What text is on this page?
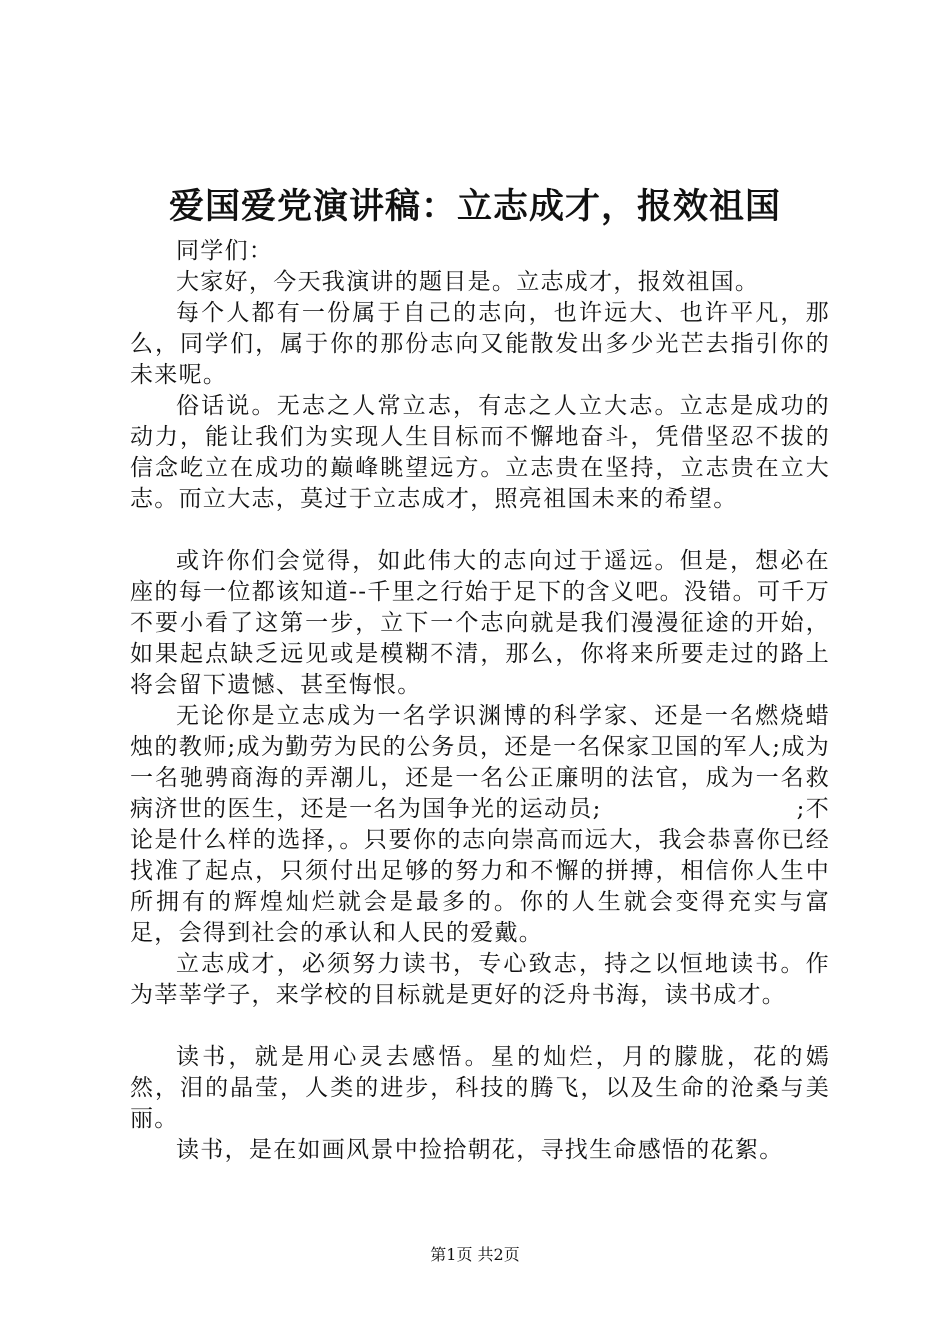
爱国爱党演讲稿：立志成才，报效祖国

同学们：

大家好，今天我演讲的题目是。立志成才，报效祖国。

每个人都有一份属于自己的志向，也许远大、也许平凡，那么，同学们，属于你的那份志向又能散发出多少光芒去指引你的未来呢。

俗话说。无志之人常立志，有志之人立大志。立志是成功的动力，能让我们为实现人生目标而不懈地奋斗，凭借坚忍不拔的信念屹立在成功的巅峰眺望远方。立志贵在坚持，立志贵在立大志。而立大志，莫过于立志成才，照亮祖国未来的希望。

或许你们会觉得，如此伟大的志向过于遥远。但是，想必在座的每一位都该知道--千里之行始于足下的含义吧。没错。可千万不要小看了这第一步，立下一个志向就是我们漫漫征途的开始，如果起点缺乏远见或是模糊不清，那么，你将来所要走过的路上将会留下遗憾、甚至悔恨。

无论你是立志成为一名学识渊博的科学家、还是一名燃烧蜡烛的教师;成为勤劳为民的公务员，还是一名保家卫国的军人;成为一名驰骋商海的弄潮儿，还是一名公正廉明的法官，成为一名救病济世的医生，还是一名为国争光的运动员;　　　　　　　　;不论是什么样的选择，。只要你的志向崇高而远大，我会恭喜你已经找准了起点，只须付出足够的努力和不懈的拼搏，相信你人生中所拥有的辉煌灿烂就会是最多的。你的人生就会变得充实与富足，会得到社会的承认和人民的爱戴。

立志成才，必须努力读书，专心致志，持之以恒地读书。作为莘莘学子，来学校的目标就是更好的泛舟书海，读书成才。

读书，就是用心灵去感悟。星的灿烂，月的朦胧，花的嫣然，泪的晶莹，人类的进步，科技的腾飞，以及生命的沧桑与美丽。

读书，是在如画风景中捡拾朝花，寻找生命感悟的花絮。

第1页 共2页
